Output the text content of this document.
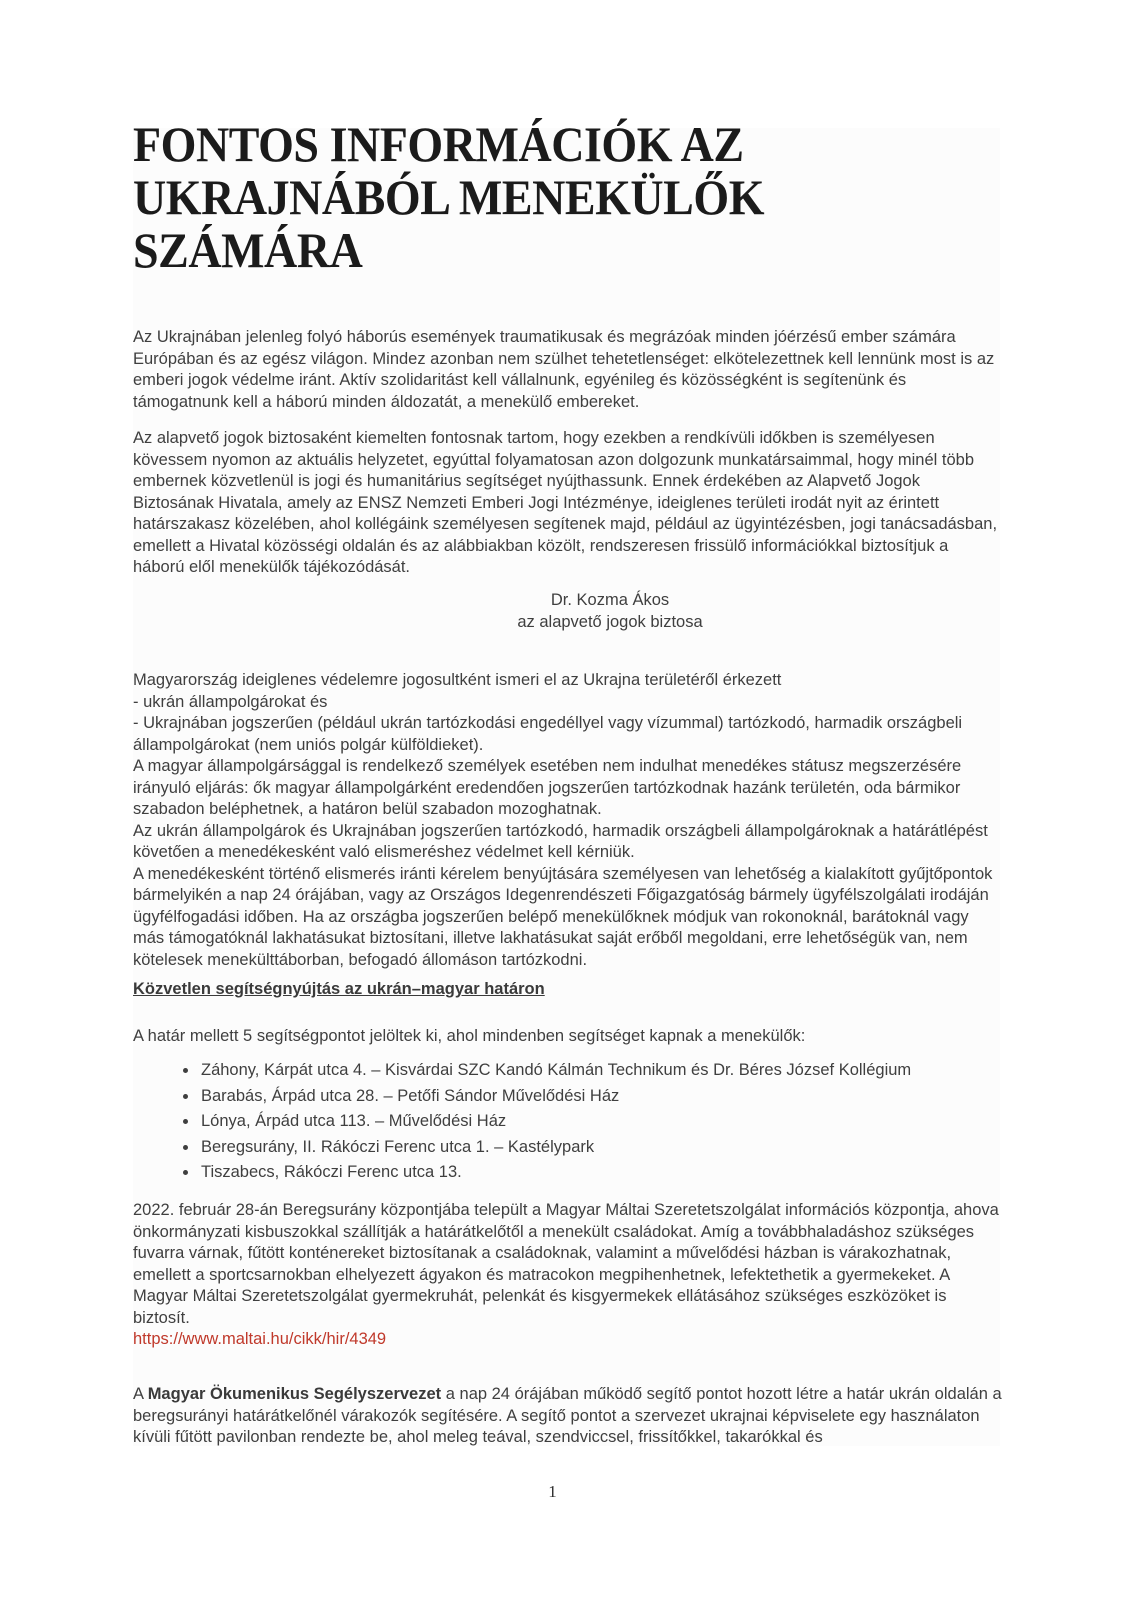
FONTOS INFORMÁCIÓK AZ
UKRAJNÁBÓL MENEKÜLŐK
SZÁMÁRA
Az Ukrajnában jelenleg folyó háborús események traumatikusak és megrázóak minden jóérzésű ember számára Európában és az egész világon. Mindez azonban nem szülhet tehetetlenséget: elkötelezettnek kell lennünk most is az emberi jogok védelme iránt. Aktív szolidaritást kell vállalnunk, egyénileg és közösségként is segítenünk és támogatnunk kell a háború minden áldozatát, a menekülő embereket.
Az alapvető jogok biztosaként kiemelten fontosnak tartom, hogy ezekben a rendkívüli időkben is személyesen kövessem nyomon az aktuális helyzetet, egyúttal folyamatosan azon dolgozunk munkatársaimmal, hogy minél több embernek közvetlenül is jogi és humanitárius segítséget nyújthassunk. Ennek érdekében az Alapvető Jogok Biztosának Hivatala, amely az ENSZ Nemzeti Emberi Jogi Intézménye, ideiglenes területi irodát nyit az érintett határszakasz közelében, ahol kollégáink személyesen segítenek majd, például az ügyintézésben, jogi tanácsadásban, emellett a Hivatal közösségi oldalán és az alábbiakban közölt, rendszeresen frissülő információkkal biztosítjuk a háború elől menekülők tájékozódását.
Dr. Kozma Ákos
az alapvető jogok biztosa
Magyarország ideiglenes védelemre jogosultként ismeri el az Ukrajna területéről érkezett
- ukrán állampolgárokat és
- Ukrajnában jogszerűen (például ukrán tartózkodási engedéllyel vagy vízummal) tartózkodó, harmadik országbeli állampolgárokat (nem uniós polgár külföldieket).
A magyar állampolgársággal is rendelkező személyek esetében nem indulhat menedékes státusz megszerzésére irányuló eljárás: ők magyar állampolgárként eredendően jogszerűen tartózkodnak hazánk területén, oda bármikor szabadon beléphetnek, a határon belül szabadon mozoghatnak.
Az ukrán állampolgárok és Ukrajnában jogszerűen tartózkodó, harmadik országbeli állampolgároknak a határátlépést követően a menedékesként való elismeréshez védelmet kell kérniük.
A menedékesként történő elismerés iránti kérelem benyújtására személyesen van lehetőség a kialakított gyűjtőpontok bármelyikén a nap 24 órájában, vagy az Országos Idegenrendészeti Főigazgatóság bármely ügyfélszolgálati irodáján ügyfélfogadási időben. Ha az országba jogszerűen belépő menekülőknek módjuk van rokonoknál, barátoknál vagy más támogatóknál lakhatásukat biztosítani, illetve lakhatásukat saját erőből megoldani, erre lehetőségük van, nem kötelesek menekülttáborban, befogadó állomáson tartózkodni.
Közvetlen segítségnyújtás az ukrán–magyar határon
A határ mellett 5 segítségpontot jelöltek ki, ahol mindenben segítséget kapnak a menekülők:
• Záhony, Kárpát utca 4. – Kisvárdai SZC Kandó Kálmán Technikum és Dr. Béres József Kollégium
• Barabás, Árpád utca 28. – Petőfi Sándor Művelődési Ház
• Lónya, Árpád utca 113. – Művelődési Ház
• Beregsurány, II. Rákóczi Ferenc utca 1. – Kastélypark
• Tiszabecs, Rákóczi Ferenc utca 13.
2022. február 28-án Beregsurány központjába települt a Magyar Máltai Szeretetszolgálat információs központja, ahova önkormányzati kisbuszokkal szállítják a határátkelőtől a menekült családokat. Amíg a továbbhaladáshoz szükséges fuvarra várnak, fűtött konténereket biztosítanak a családoknak, valamint a művelődési házban is várakozhatnak, emellett a sportcsarnokban elhelyezett ágyakon és matracokon megpihenhetnek, lefektethetik a gyermekeket. A Magyar Máltai Szeretetszolgálat gyermekruhát, pelenkát és kisgyermekek ellátásához szükséges eszközöket is biztosít.
https://www.maltai.hu/cikk/hir/4349
A Magyar Ökumenikus Segélyszervezet a nap 24 órájában működő segítő pontot hozott létre a határ ukrán oldalán a beregsurányi határátkelőnél várakozók segítésére. A segítő pontot a szervezet ukrajnai képviselete egy használaton kívüli fűtött pavilonban rendezte be, ahol meleg teával, szendviccsel, frissítőkkel, takarókkal és
1
